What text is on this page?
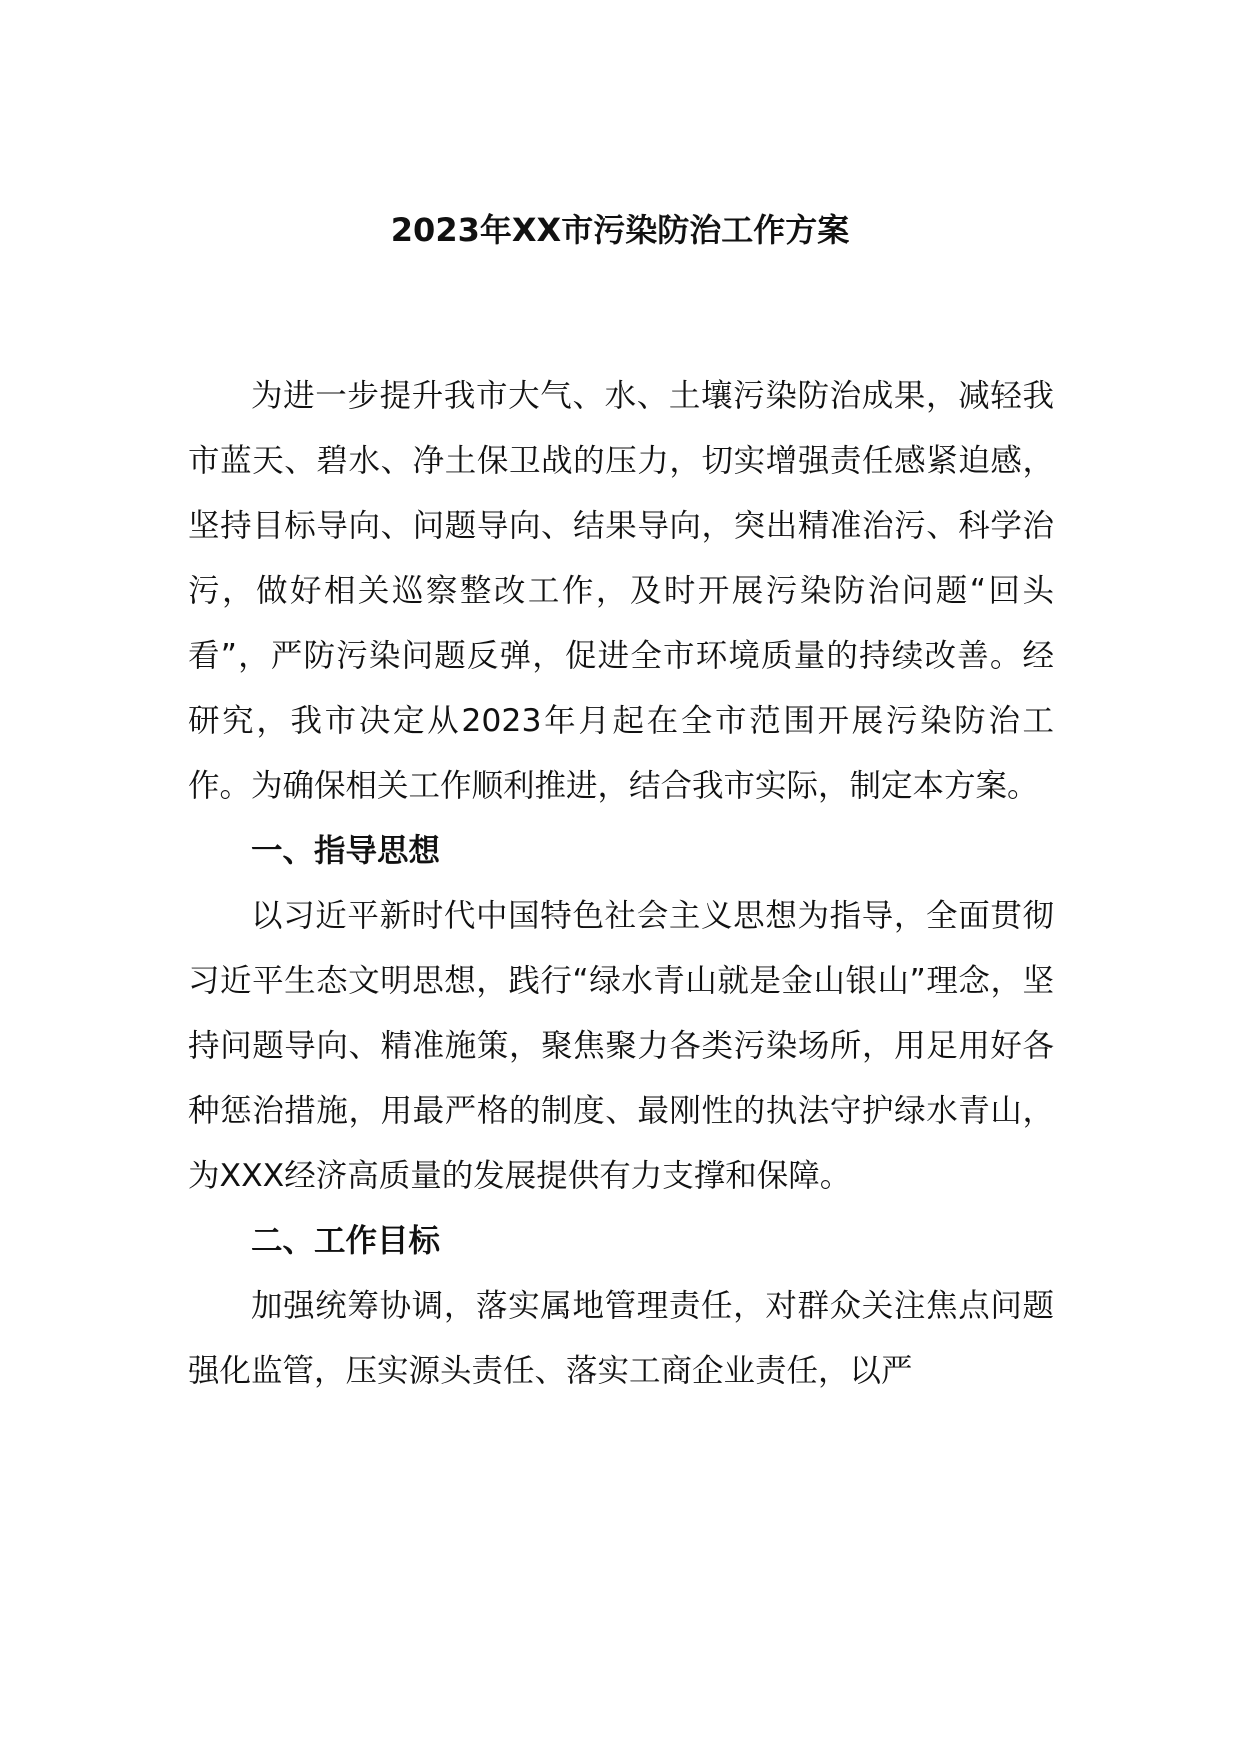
2023年XX市污染防治工作方案

为进一步提升我市大气、水、土壤污染防治成果，减轻我市蓝天、碧水、净土保卫战的压力，切实增强责任感紧迫感，坚持目标导向、问题导向、结果导向，突出精准治污、科学治污，做好相关巡察整改工作，及时开展污染防治问题“回头看”，严防污染问题反弹，促进全市环境质量的持续改善。经研究，我市决定从2023年月起在全市范围开展污染防治工作。为确保相关工作顺利推进，结合我市实际，制定本方案。

一、指导思想

以习近平新时代中国特色社会主义思想为指导，全面贯彻习近平生态文明思想，践行“绿水青山就是金山银山”理念，坚持问题导向、精准施策，聚焦聚力各类污染场所，用足用好各种惩治措施，用最严格的制度、最刚性的执法守护绿水青山，为XXX经济高质量的发展提供有力支撑和保障。

二、工作目标

加强统筹协调，落实属地管理责任，对群众关注焦点问题强化监管，压实源头责任、落实工商企业责任，以严
